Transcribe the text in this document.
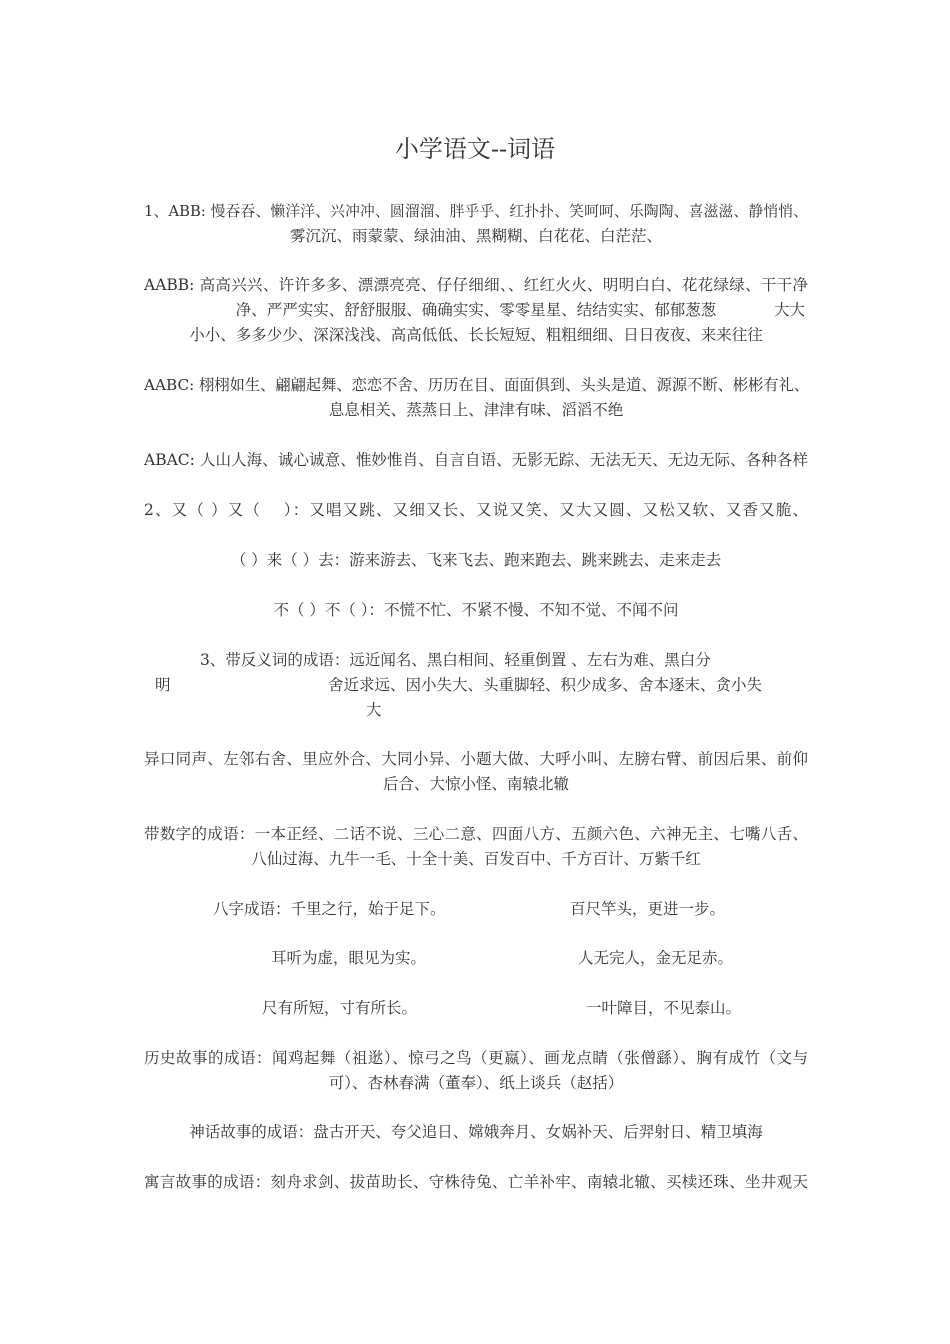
小学语文--词语
1、ABB: 慢吞吞、懒洋洋、兴冲冲、圆溜溜、胖乎乎、红扑扑、笑呵呵、乐陶陶、喜滋滋、静悄悄、
雾沉沉、雨蒙蒙、绿油油、黑糊糊、白花花、白茫茫、
AABB: 高高兴兴、许许多多、漂漂亮亮、仔仔细细、、红红火火、明明白白、花花绿绿、干干净
净、严严实实、舒舒服服、确确实实、零零星星、结结实实、郁郁葱葱	大大
小小、多多少少、深深浅浅、高高低低、长长短短、粗粗细细、日日夜夜、来来往往
AABC: 栩栩如生、翩翩起舞、恋恋不舍、历历在目、面面俱到、头头是道、源源不断、彬彬有礼、
息息相关、蒸蒸日上、津津有味、滔滔不绝
ABAC: 人山人海、诚心诚意、惟妙惟肖、自言自语、无影无踪、无法无天、无边无际、各种各样
2、又（ ）又（　 ）：又唱又跳、又细又长、又说又笑、又大又圆、又松又软、又香又脆、
（ ）来（ ）去：游来游去、飞来飞去、跑来跑去、跳来跳去、走来走去
不（ ）不（ ）：不慌不忙、不紧不慢、不知不觉、不闻不问
3、带反义词的成语：远近闻名、黑白相间、轻重倒置 、左右为难、黑白分
明	舍近求远、因小失大、头重脚轻、积少成多、舍本逐末、贪小失
大
异口同声、左邻右舍、里应外合、大同小异、小题大做、大呼小叫、左膀右臂、前因后果、前仰
后合、大惊小怪、南辕北辙
带数字的成语：一本正经、二话不说、三心二意、四面八方、五颜六色、六神无主、七嘴八舌、
八仙过海、九牛一毛、十全十美、百发百中、千方百计、万紫千红
八字成语：千里之行，始于足下。	百尺竿头，更进一步。
耳听为虚，眼见为实。	人无完人，金无足赤。
尺有所短，寸有所长。	一叶障目，不见泰山。
历史故事的成语：闻鸡起舞（祖逖）、惊弓之鸟（更嬴）、画龙点睛（张僧繇）、胸有成竹（文与
可）、杏林春满（董奉）、纸上谈兵（赵括）
神话故事的成语：盘古开天、夸父追日、嫦娥奔月、女娲补天、后羿射日、精卫填海
寓言故事的成语：刻舟求剑、拔苗助长、守株待兔、亡羊补牢、南辕北辙、买椟还珠、坐井观天
